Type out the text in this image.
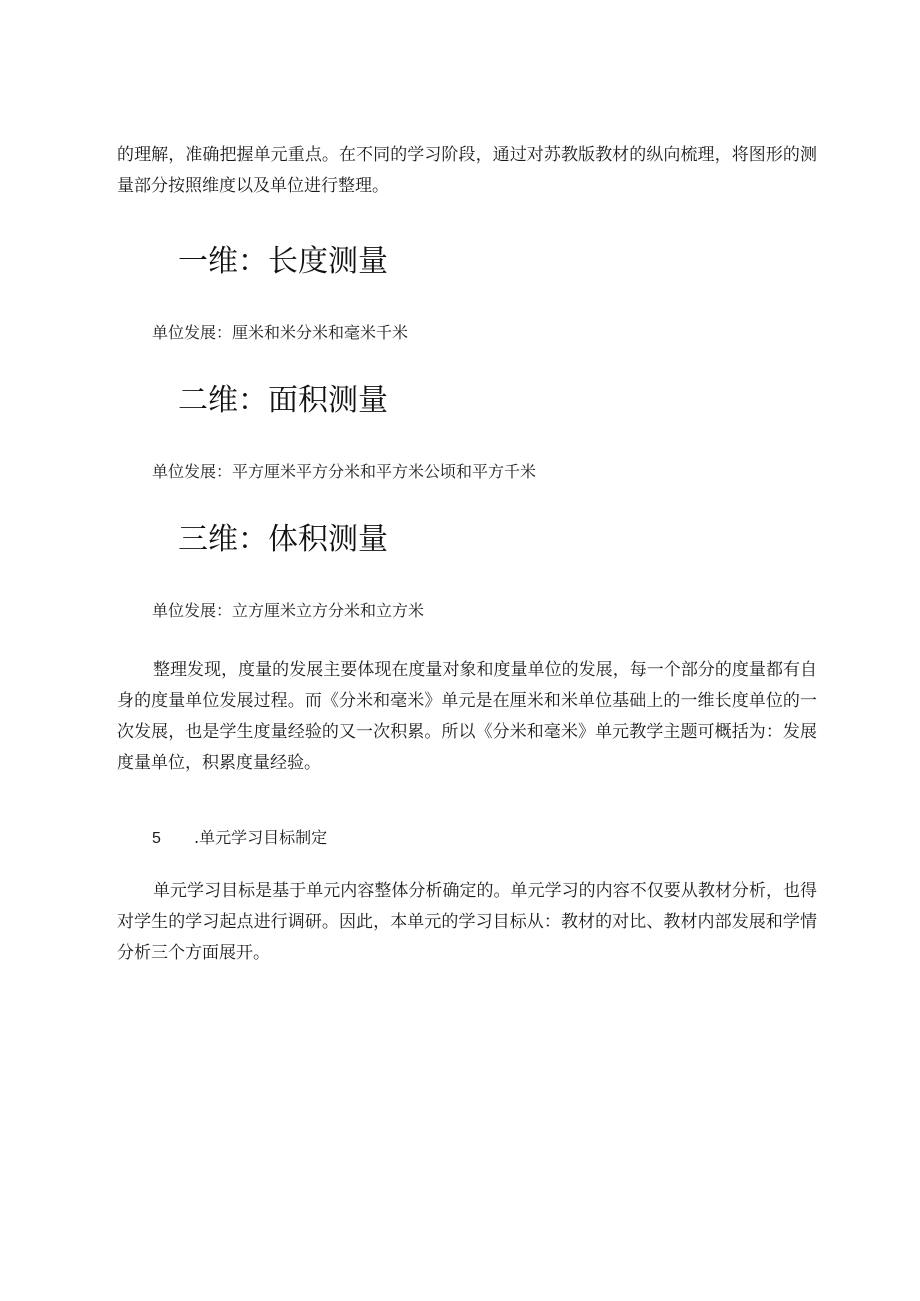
的理解，准确把握单元重点。在不同的学习阶段，通过对苏教版教材的纵向梳理，将图形的测量部分按照维度以及单位进行整理。

一维：长度测量

单位发展：厘米和米分米和毫米千米

二维：面积测量

单位发展：平方厘米平方分米和平方米公顷和平方千米

三维：体积测量

单位发展：立方厘米立方分米和立方米

整理发现，度量的发展主要体现在度量对象和度量单位的发展，每一个部分的度量都有自身的度量单位发展过程。而《分米和毫米》单元是在厘米和米单位基础上的一维长度单位的一次发展，也是学生度量经验的又一次积累。所以《分米和毫米》单元教学主题可概括为：发展度量单位，积累度量经验。

5 .单元学习目标制定

单元学习目标是基于单元内容整体分析确定的。单元学习的内容不仅要从教材分析，也得对学生的学习起点进行调研。因此，本单元的学习目标从：教材的对比、教材内部发展和学情分析三个方面展开。
